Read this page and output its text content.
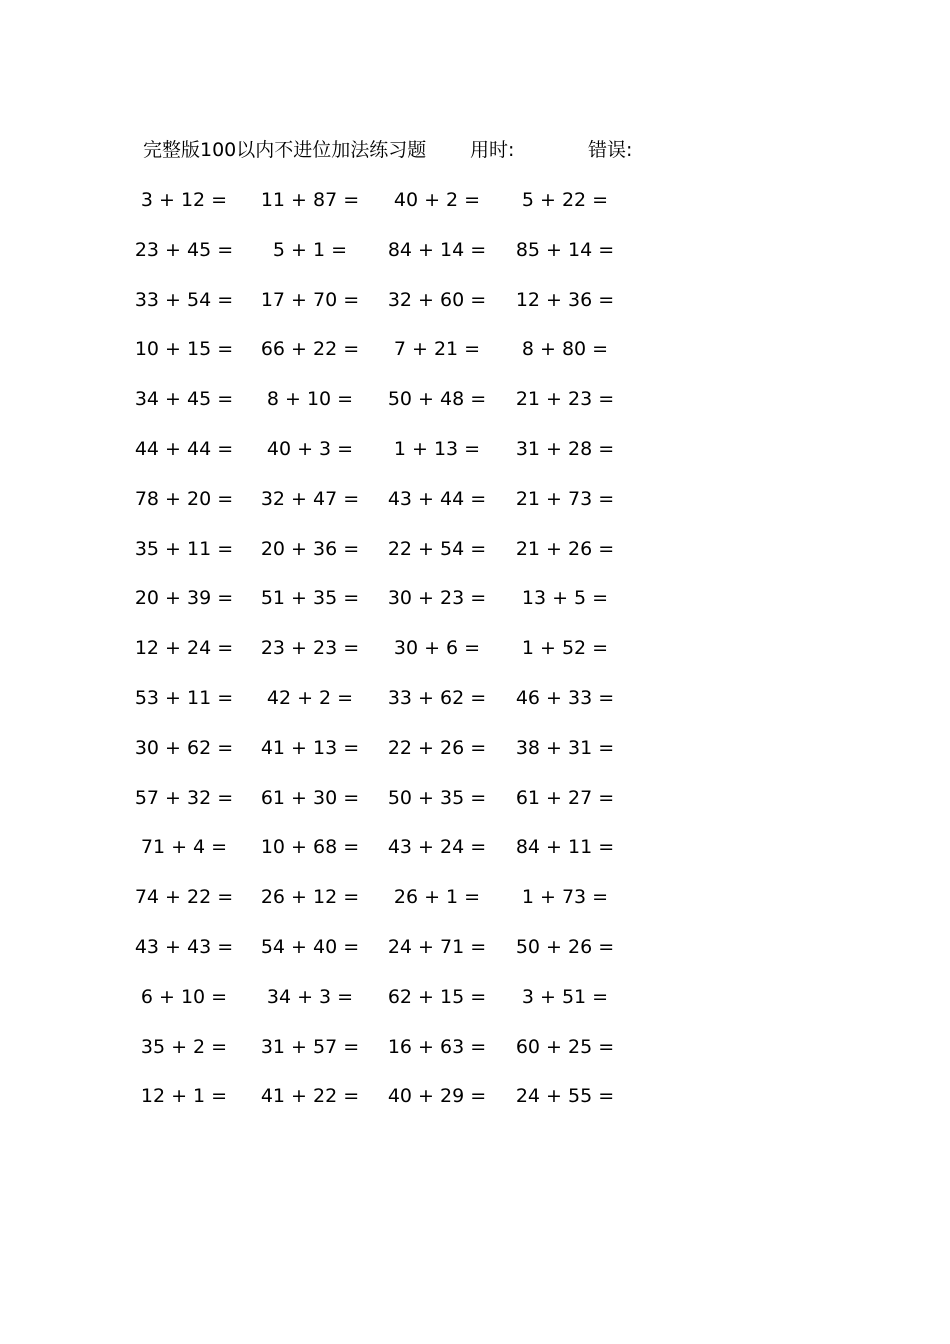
完整版100以内不进位加法练习题 用时:	错误:
3 + 12 =	11 + 87 =	40 + 2 =	5 + 22 =
23 + 45 =	5 + 1 =	84 + 14 =	85 + 14 =
33 + 54 =	17 + 70 =	32 + 60 =	12 + 36 =
10 + 15 =	66 + 22 =	7 + 21 =	8 + 80 =
34 + 45 =	8 + 10 =	50 + 48 =	21 + 23 =
44 + 44 =	40 + 3 =	1 + 13 =	31 + 28 =
78 + 20 =	32 + 47 =	43 + 44 =	21 + 73 =
35 + 11 =	20 + 36 =	22 + 54 =	21 + 26 =
20 + 39 =	51 + 35 =	30 + 23 =	13 + 5 =
12 + 24 =	23 + 23 =	30 + 6 =	1 + 52 =
53 + 11 =	42 + 2 =	33 + 62 =	46 + 33 =
30 + 62 =	41 + 13 =	22 + 26 =	38 + 31 =
57 + 32 =	61 + 30 =	50 + 35 =	61 + 27 =
71 + 4 =	10 + 68 =	43 + 24 =	84 + 11 =
74 + 22 =	26 + 12 =	26 + 1 =	1 + 73 =
43 + 43 =	54 + 40 =	24 + 71 =	50 + 26 =
6 + 10 =	34 + 3 =	62 + 15 =	3 + 51 =
35 + 2 =	31 + 57 =	16 + 63 =	60 + 25 =
12 + 1 =	41 + 22 =	40 + 29 =	24 + 55 =
